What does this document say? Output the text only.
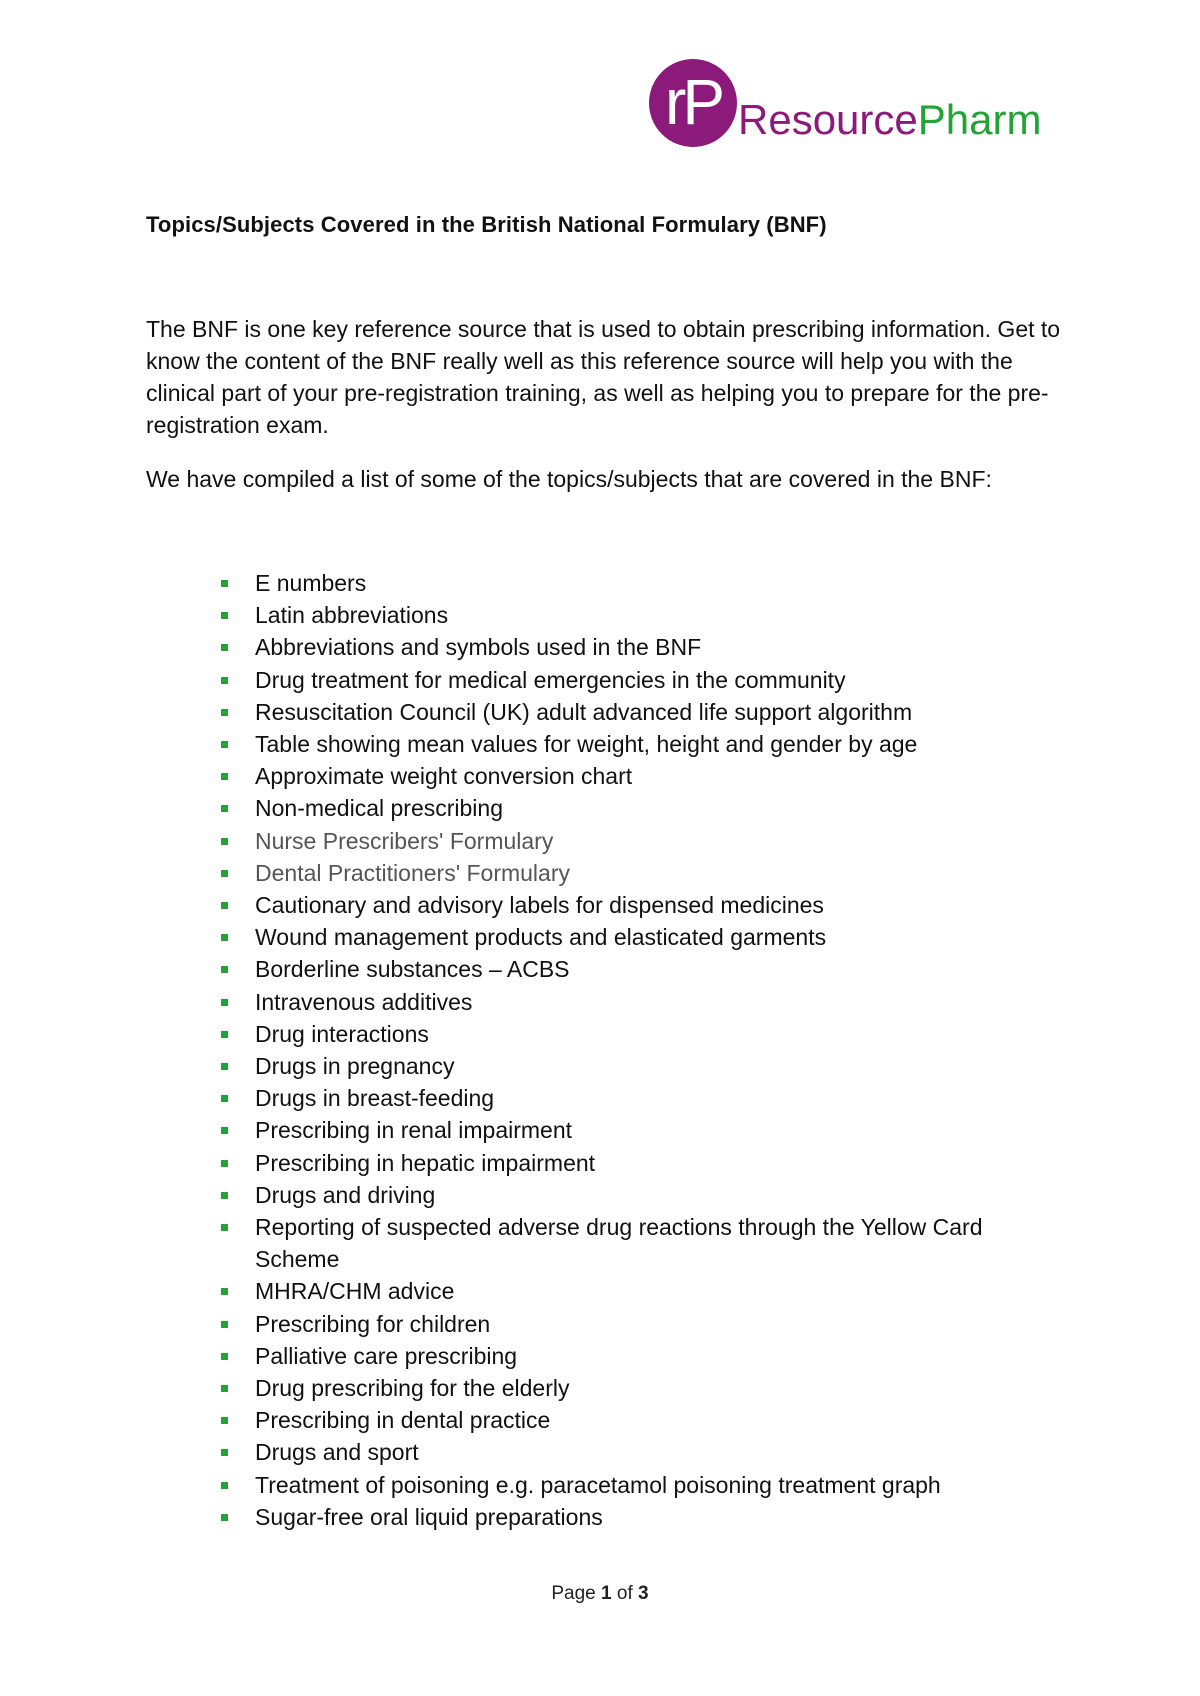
rP ResourcePharm
Topics/Subjects Covered in the British National Formulary (BNF)

The BNF is one key reference source that is used to obtain prescribing information. Get to know the content of the BNF really well as this reference source will help you with the clinical part of your pre-registration training, as well as helping you to prepare for the pre-registration exam.

We have compiled a list of some of the topics/subjects that are covered in the BNF:

E numbers
Latin abbreviations
Abbreviations and symbols used in the BNF
Drug treatment for medical emergencies in the community
Resuscitation Council (UK) adult advanced life support algorithm
Table showing mean values for weight, height and gender by age
Approximate weight conversion chart
Non-medical prescribing
Nurse Prescribers' Formulary
Dental Practitioners' Formulary
Cautionary and advisory labels for dispensed medicines
Wound management products and elasticated garments
Borderline substances – ACBS
Intravenous additives
Drug interactions
Drugs in pregnancy
Drugs in breast-feeding
Prescribing in renal impairment
Prescribing in hepatic impairment
Drugs and driving
Reporting of suspected adverse drug reactions through the Yellow Card Scheme
MHRA/CHM advice
Prescribing for children
Palliative care prescribing
Drug prescribing for the elderly
Prescribing in dental practice
Drugs and sport
Treatment of poisoning e.g. paracetamol poisoning treatment graph
Sugar-free oral liquid preparations
Page 1 of 3
